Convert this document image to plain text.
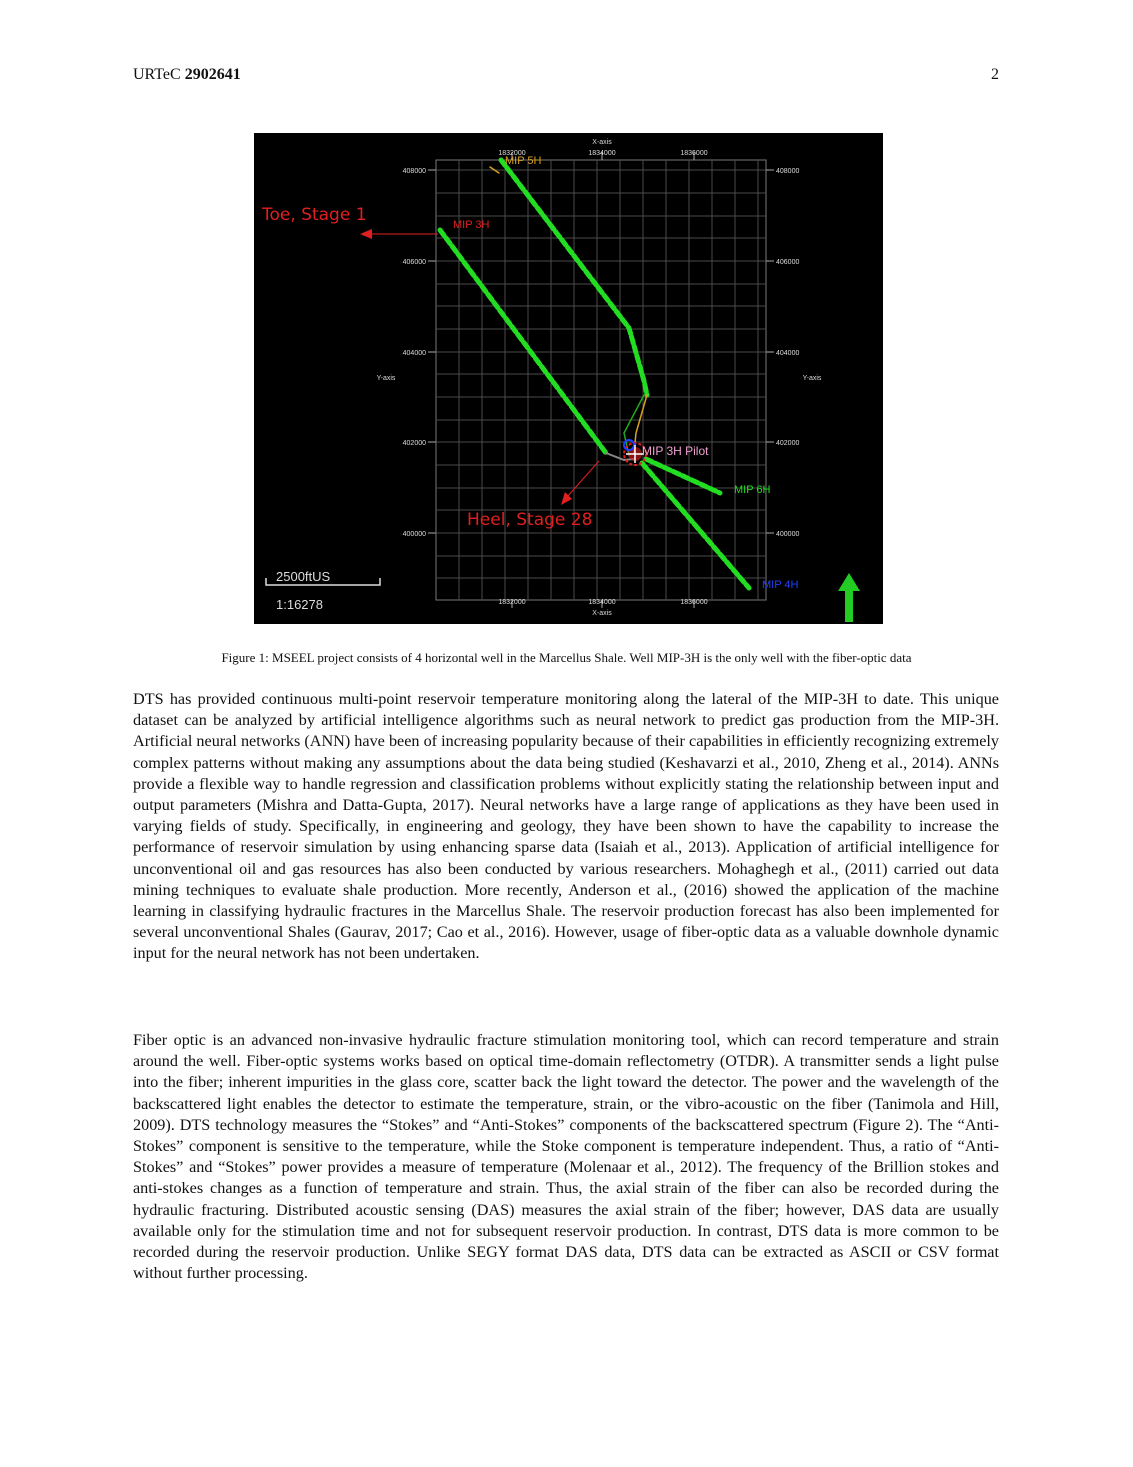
URTeC 2902641	2
X-axis
X-axis
Y-axis	Y-axis
1832000	1834000	1836000
1832000	1834000	1836000
408000
406000
404000
402000
400000
408000
406000
404000
402000
400000
MIP 5H
MIP 3H
MIP 3H Pilot
MIP 6H
MIP 4H
Toe, Stage 1
Heel, Stage 28
2500ftUS
1:16278
Figure 1: MSEEL project consists of 4 horizontal well in the Marcellus Shale. Well MIP-3H is the only well with the fiber-optic data

DTS has provided continuous multi-point reservoir temperature monitoring along the lateral of the MIP-3H to date. This unique dataset can be analyzed by artificial intelligence algorithms such as neural network to predict gas production from the MIP-3H. Artificial neural networks (ANN) have been of increasing popularity because of their capabilities in efficiently recognizing extremely complex patterns without making any assumptions about the data being studied (Keshavarzi et al., 2010, Zheng et al., 2014). ANNs provide a flexible way to handle regression and classification problems without explicitly stating the relationship between input and output parameters (Mishra and Datta-Gupta, 2017). Neural networks have a large range of applications as they have been used in varying fields of study. Specifically, in engineering and geology, they have been shown to have the capability to increase the performance of reservoir simulation by using enhancing sparse data (Isaiah et al., 2013). Application of artificial intelligence for unconventional oil and gas resources has also been conducted by various researchers. Mohaghegh et al., (2011) carried out data mining techniques to evaluate shale production. More recently, Anderson et al., (2016) showed the application of the machine learning in classifying hydraulic fractures in the Marcellus Shale. The reservoir production forecast has also been implemented for several unconventional Shales (Gaurav, 2017; Cao et al., 2016). However, usage of fiber-optic data as a valuable downhole dynamic input for the neural network has not been undertaken.

Fiber optic is an advanced non-invasive hydraulic fracture stimulation monitoring tool, which can record temperature and strain around the well. Fiber-optic systems works based on optical time-domain reflectometry (OTDR). A transmitter sends a light pulse into the fiber; inherent impurities in the glass core, scatter back the light toward the detector. The power and the wavelength of the backscattered light enables the detector to estimate the temperature, strain, or the vibro-acoustic on the fiber (Tanimola and Hill, 2009). DTS technology measures the “Stokes” and “Anti-Stokes” components of the backscattered spectrum (Figure 2). The “Anti-Stokes” component is sensitive to the temperature, while the Stoke component is temperature independent. Thus, a ratio of “Anti-Stokes” and “Stokes” power provides a measure of temperature (Molenaar et al., 2012). The frequency of the Brillion stokes and anti-stokes changes as a function of temperature and strain. Thus, the axial strain of the fiber can also be recorded during the hydraulic fracturing. Distributed acoustic sensing (DAS) measures the axial strain of the fiber; however, DAS data are usually available only for the stimulation time and not for subsequent reservoir production. In contrast, DTS data is more common to be recorded during the reservoir production. Unlike SEGY format DAS data, DTS data can be extracted as ASCII or CSV format without further processing.
